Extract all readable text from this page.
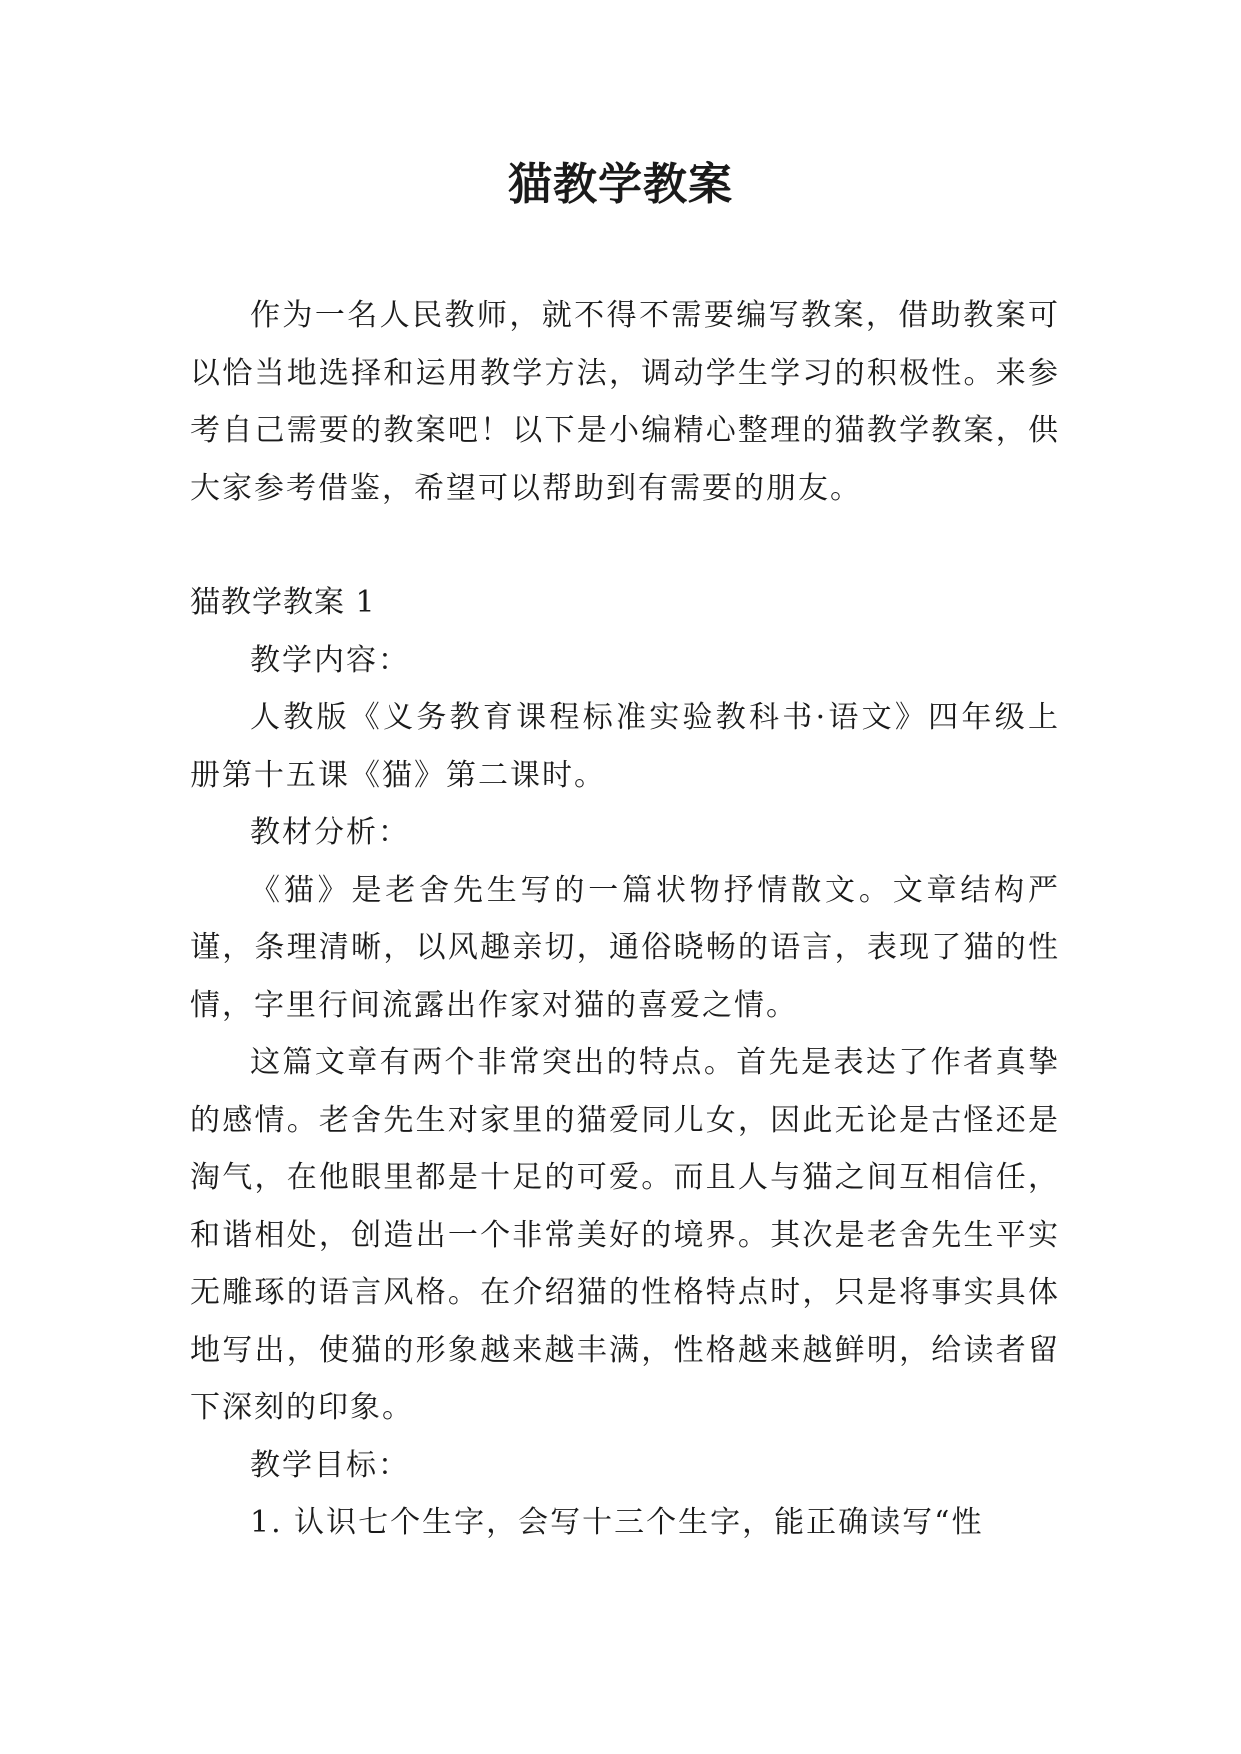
猫教学教案

作为一名人民教师，就不得不需要编写教案，借助教案可以恰当地选择和运用教学方法，调动学生学习的积极性。来参考自己需要的教案吧！以下是小编精心整理的猫教学教案，供大家参考借鉴，希望可以帮助到有需要的朋友。

猫教学教案 1

教学内容：

人教版《义务教育课程标准实验教科书·语文》四年级上册第十五课《猫》第二课时。

教材分析：

《猫》是老舍先生写的一篇状物抒情散文。文章结构严谨，条理清晰，以风趣亲切，通俗晓畅的语言，表现了猫的性情，字里行间流露出作家对猫的喜爱之情。

这篇文章有两个非常突出的特点。首先是表达了作者真挚的感情。老舍先生对家里的猫爱同儿女，因此无论是古怪还是淘气，在他眼里都是十足的可爱。而且人与猫之间互相信任，和谐相处，创造出一个非常美好的境界。其次是老舍先生平实无雕琢的语言风格。在介绍猫的性格特点时，只是将事实具体地写出，使猫的形象越来越丰满，性格越来越鲜明，给读者留下深刻的印象。

教学目标：

1. 认识七个生字，会写十三个生字，能正确读写“性
